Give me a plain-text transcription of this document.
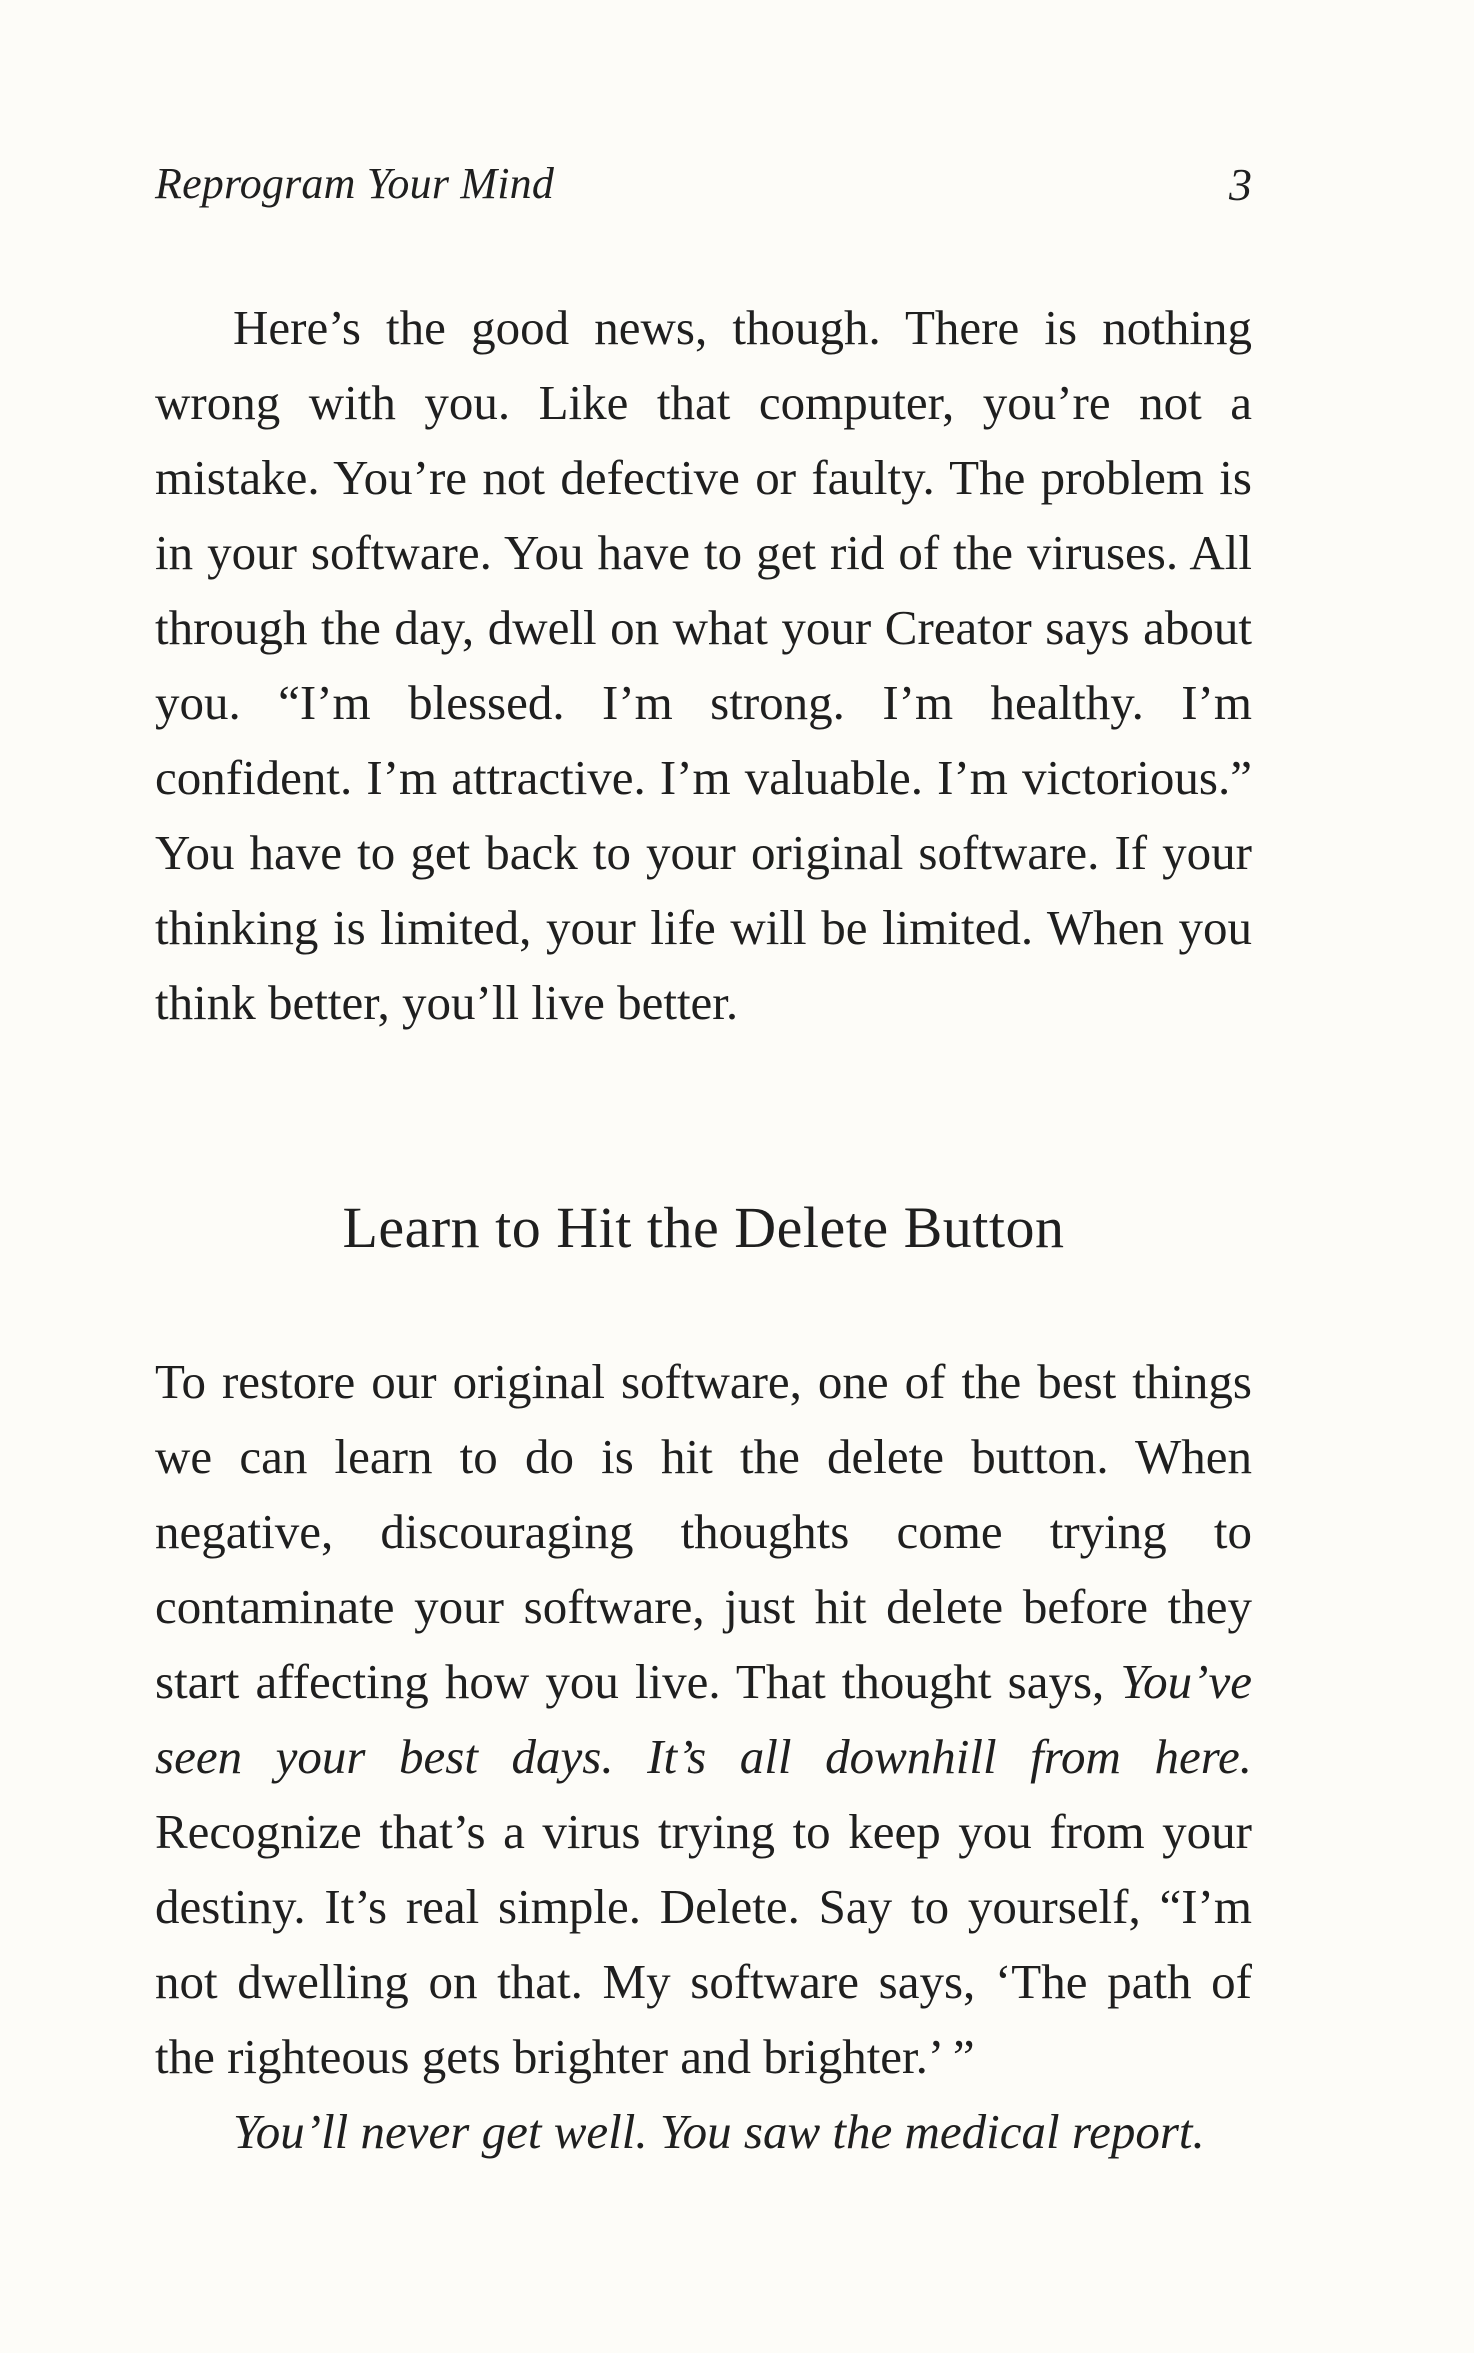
Reprogram Your Mind	3

Here’s the good news, though. There is nothing wrong with you. Like that computer, you’re not a mistake. You’re not defective or faulty. The problem is in your software. You have to get rid of the viruses. All through the day, dwell on what your Creator says about you. “I’m blessed. I’m strong. I’m healthy. I’m confident. I’m attractive. I’m valuable. I’m victorious.” You have to get back to your original software. If your thinking is limited, your life will be limited. When you think better, you’ll live better.

Learn to Hit the Delete Button

To restore our original software, one of the best things we can learn to do is hit the delete button. When negative, discouraging thoughts come trying to contaminate your software, just hit delete before they start affecting how you live. That thought says, You’ve seen your best days. It’s all downhill from here. Recognize that’s a virus trying to keep you from your destiny. It’s real simple. Delete. Say to yourself, “I’m not dwelling on that. My software says, ‘The path of the righteous gets brighter and brighter.’ ”

You’ll never get well. You saw the medical report.
